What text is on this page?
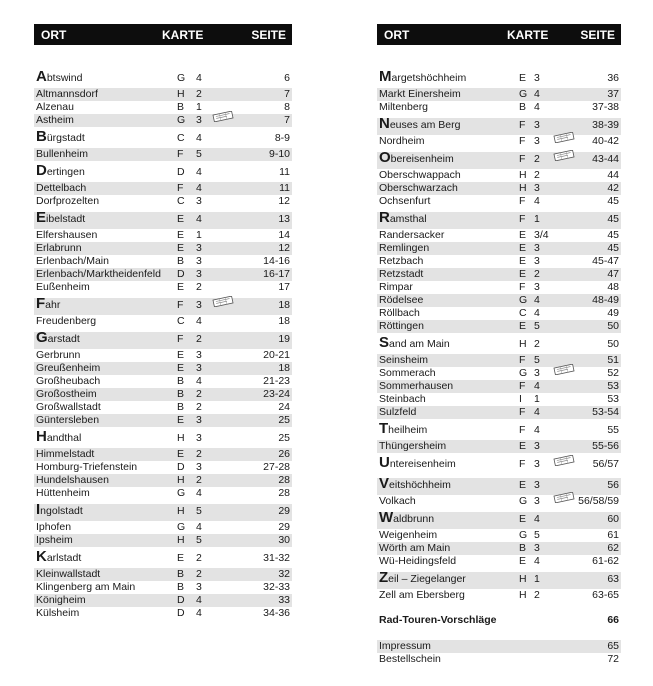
ORT	KARTE	SEITE
Abtswind	G 4	6
Altmannsdorf	H 2	7
Alzenau	B 1	8
Astheim	G 3	7
Bürgstadt	C 4	8-9
Bullenheim	F 5	9-10
Dertingen	D 4	11
Dettelbach	F 4	11
Dorfprozelten	C 3	12
Eibelstadt	E 4	13
Elfershausen	E 1	14
Erlabrunn	E 3	12
Erlenbach/Main	B 3	14-16
Erlenbach/Marktheidenfeld D 3	16-17
Eußenheim	E 2	17
Fahr	F 3	18
Freudenberg	C 4	18
Garstadt	F 2	19
Gerbrunn	E 3	20-21
Greußenheim	E 3	18
Großheubach	B 4	21-23
Großostheim	B 2	23-24
Großwallstadt	B 2	24
Güntersleben	E 3	25
Handthal	H 3	25
Himmelstadt	E 2	26
Homburg-Triefenstein	D 3	27-28
Hundelshausen	H 2	28
Hüttenheim	G 4	28
Ingolstadt	H 5	29
Iphofen	G 4	29
Ipsheim	H 5	30
Karlstadt	E 2	31-32
Kleinwallstadt	B 2	32
Klingenberg am Main	B 3	32-33
Königheim	D 4	33
Külsheim	D 4	34-36
ORT	KARTE	SEITE
Margetshöchheim	E 3	36
Markt Einersheim	G 4	37
Miltenberg	B 4	37-38
Neuses am Berg	F 3	38-39
Nordheim	F 3	40-42
Obereisenheim	F 2	43-44
Oberschwappach	H 2	44
Oberschwarzach	H 3	42
Ochsenfurt	F 4	45
Ramsthal	F 1	45
Randersacker	E 3/4	45
Remlingen	E 3	45
Retzbach	E 3	45-47
Retzstadt	E 2	47
Rimpar	F 3	48
Rödelsee	G 4	48-49
Röllbach	C 4	49
Röttingen	E 5	50
Sand am Main	H 2	50
Seinsheim	F 5	51
Sommerach	G 3	52
Sommerhausen	F 4	53
Steinbach	I 1	53
Sulzfeld	F 4	53-54
Theilheim	F 4	55
Thüngersheim	E 3	55-56
Untereisenheim	F 3	56/57
Veitshöchheim	E 3	56
Volkach	G 3	56/58/59
Waldbrunn	E 4	60
Weigenheim	G 5	61
Wörth am Main	B 3	62
Wü-Heidingsfeld	E 4	61-62
Zeil – Ziegelanger	H 1	63
Zell am Ebersberg	H 2	63-65
Rad-Touren-Vorschläge	66
Impressum	65
Bestellschein	72
